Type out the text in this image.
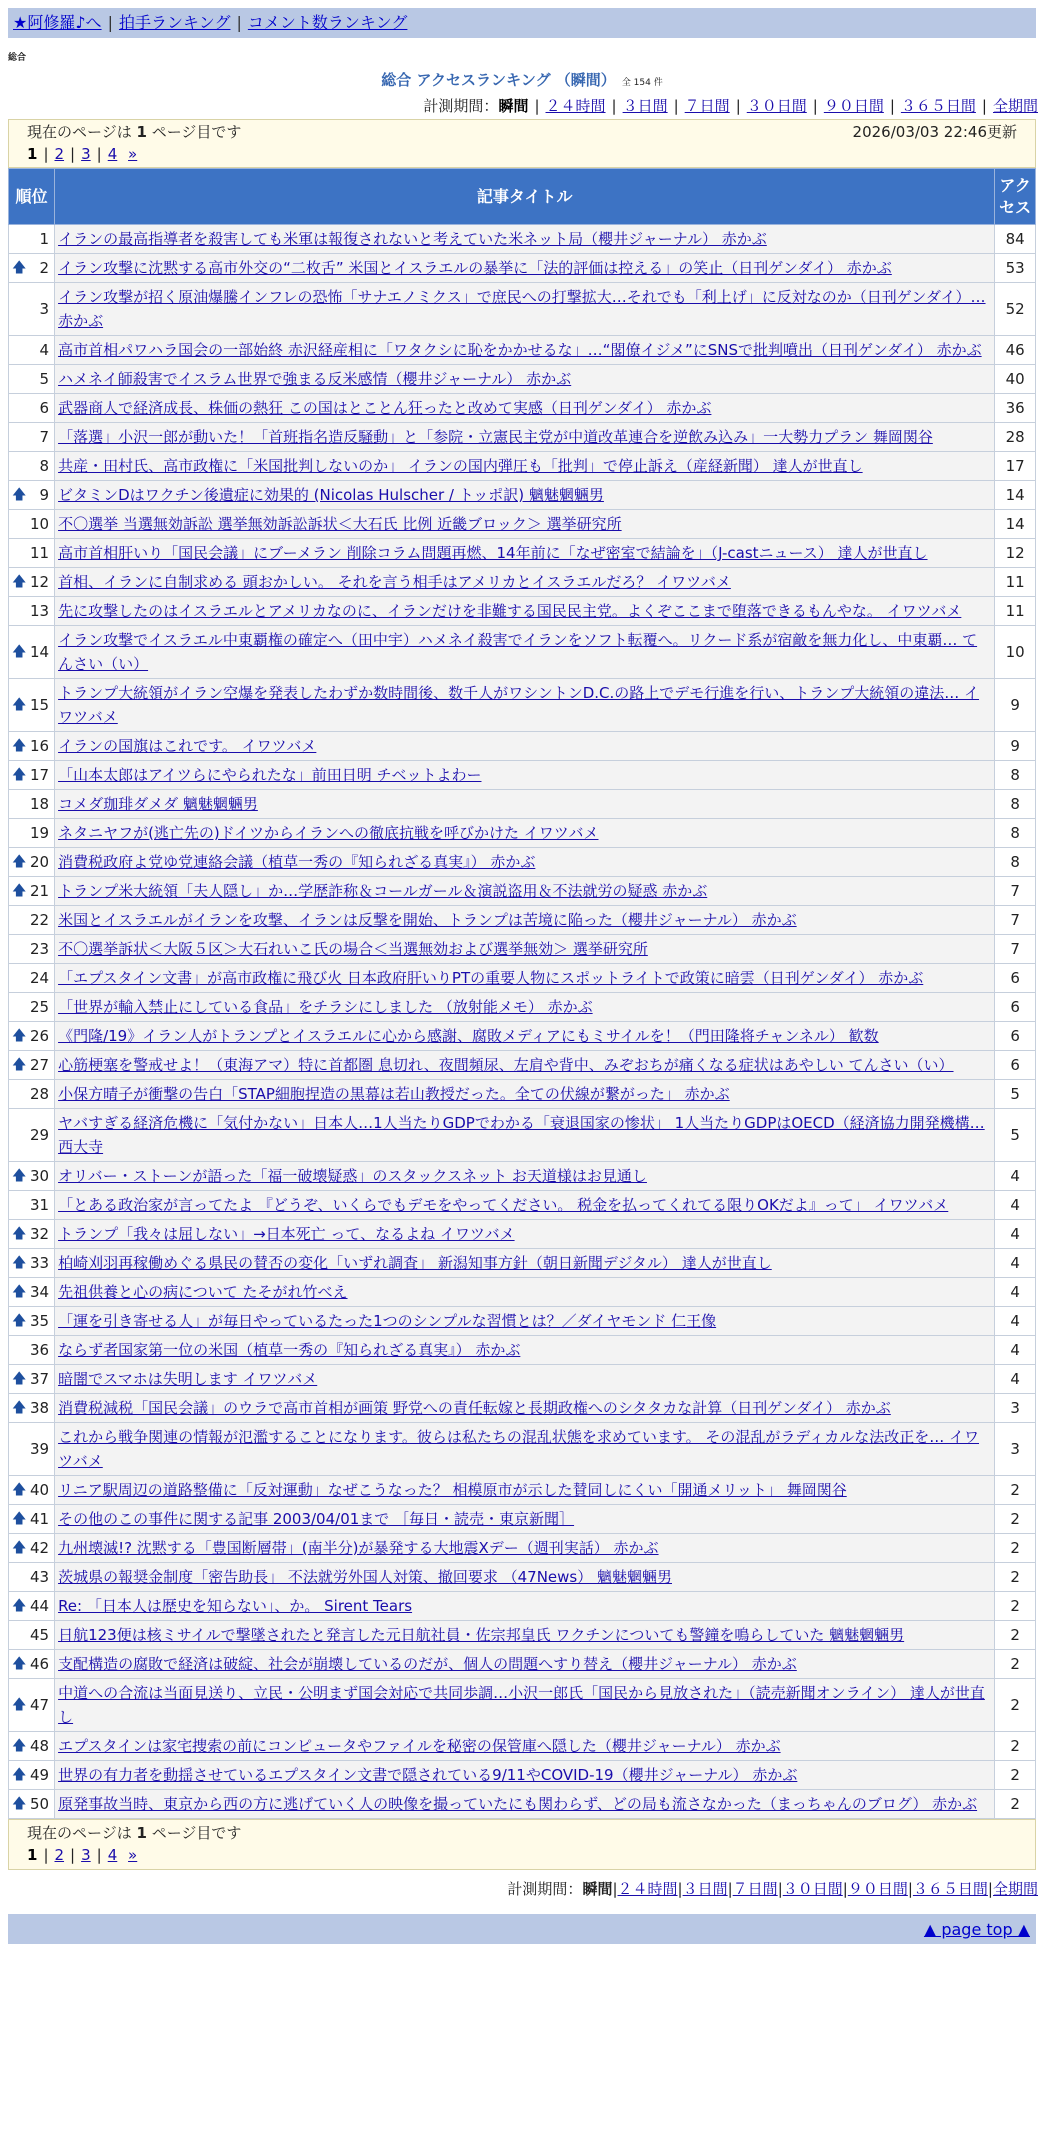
★阿修羅♪へ | 拍手ランキング | コメント数ランキング
総合
総合 アクセスランキング （瞬間） 全 154 件
計測期間：瞬間 | ２４時間 | ３日間 | ７日間 | ３０日間 | ９０日間 | ３６５日間 | 全期間
現在のページは 1 ページ目です	2026/03/03 22:46更新
1 | 2 | 3 | 4 »
順位	記事タイトル	アクセス
1	イランの最高指導者を殺害しても米軍は報復されないと考えていた米ネット局（櫻井ジャーナル） 赤かぶ	84

🡅 2	イラン攻撃に沈黙する高市外交の“二枚舌” 米国とイスラエルの暴挙に「法的評価は控える」の笑止（日刊ゲンダイ） 赤かぶ	53
3	イラン攻撃が招く原油爆騰インフレの恐怖「サナエノミクス」で庶民への打撃拡大…それでも「利上げ」に反対なのか（日刊ゲンダイ）… 赤かぶ	52
4	高市首相パワハラ国会の一部始終 赤沢経産相に「ワタクシに恥をかかせるな」…“閣僚イジメ”にSNSで批判噴出（日刊ゲンダイ） 赤かぶ	46
5	ハメネイ師殺害でイスラム世界で強まる反米感情（櫻井ジャーナル） 赤かぶ	40
6	武器商人で経済成長、株価の熱狂 この国はとことん狂ったと改めて実感（日刊ゲンダイ） 赤かぶ	36
7	「落選」小沢一郎が動いた！「首班指名造反騒動」と「参院・立憲民主党が中道改革連合を逆飲み込み」一大勢力プラン 舞岡関谷	28
8	共産・田村氏、高市政権に「米国批判しないのか」 イランの国内弾圧も「批判」で停止訴え（産経新聞） 達人が世直し	17

🡅 9	ビタミンDはワクチン後遺症に効果的 (Nicolas Hulscher / トッポ訳) 魑魅魍魎男	14
10	不〇選挙 当選無効訴訟 選挙無効訴訟訴状＜大石氏 比例 近畿ブロック＞ 選挙研究所	14
11	高市首相肝いり「国民会議」にブーメラン 削除コラム問題再燃、14年前に「なぜ密室で結論を」（J-castニュース） 達人が世直し	12

🡅 12	首相、イランに自制求める 頭おかしい。 それを言う相手はアメリカとイスラエルだろ？ イワツバメ	11
13	先に攻撃したのはイスラエルとアメリカなのに、イランだけを非難する国民民主党。よくぞここまで堕落できるもんやな。 イワツバメ	11

🡅 14	イラン攻撃でイスラエル中東覇権の確定へ（田中宇）ハメネイ殺害でイランをソフト転覆へ。リクード系が宿敵を無力化し、中東覇… てんさい（い）	10

🡅 15	トランプ大統領がイラン空爆を発表したわずか数時間後、数千人がワシントンD.C.の路上でデモ行進を行い、トランプ大統領の違法… イワツバメ	9

🡅 16	イランの国旗はこれです。 イワツバメ	9

🡅 17	「山本太郎はアイツらにやられたな」前田日明 チベットよわー	8
18	コメダ珈琲ダメダ 魑魅魍魎男	8
19	ネタニヤフが(逃亡先の)ドイツからイランへの徹底抗戦を呼びかけた イワツバメ	8

🡅 20	消費税政府よ党ゆ党連絡会議（植草一秀の『知られざる真実』） 赤かぶ	8

🡅 21	トランプ米大統領「夫人隠し」か…学歴詐称＆コールガール＆演説盗用＆不法就労の疑惑 赤かぶ	7
22	米国とイスラエルがイランを攻撃、イランは反撃を開始、トランプは苦境に陥った（櫻井ジャーナル） 赤かぶ	7
23	不〇選挙訴状＜大阪５区＞大石れいこ氏の場合＜当選無効および選挙無効＞ 選挙研究所	7
24	「エプスタイン文書」が高市政権に飛び火 日本政府肝いりPTの重要人物にスポットライトで政策に暗雲（日刊ゲンダイ） 赤かぶ	6
25	「世界が輸入禁止にしている食品」をチラシにしました （放射能メモ） 赤かぶ	6

🡅 26	《門隆/19》イラン人がトランプとイスラエルに心から感謝、腐敗メディアにもミサイルを！（門田隆将チャンネル） 歓数	6

🡅 27	心筋梗塞を警戒せよ！（東海アマ）特に首都圏 息切れ、夜間頻尿、左肩や背中、みぞおちが痛くなる症状はあやしい てんさい（い）	6
28	小保方晴子が衝撃の告白「STAP細胞捏造の黒幕は若山教授だった。全ての伏線が繋がった」 赤かぶ	5
29	ヤバすぎる経済危機に「気付かない」日本人…1人当たりGDPでわかる「衰退国家の惨状」 1人当たりGDPはOECD（経済協力開発機構… 西大寺	5

🡅 30	オリバー・ストーンが語った「福一破壊疑惑」のスタックスネット お天道様はお見通し	4
31	「とある政治家が言ってたよ 『どうぞ、いくらでもデモをやってください。 税金を払ってくれてる限りOKだよ』って」 イワツバメ	4

🡅 32	トランプ「我々は屈しない」→日本死亡 って、なるよね イワツバメ	4

🡅 33	柏崎刈羽再稼働めぐる県民の賛否の変化「いずれ調査」 新潟知事方針（朝日新聞デジタル） 達人が世直し	4

🡅 34	先祖供養と心の病について たそがれ竹べえ	4

🡅 35	「運を引き寄せる人」が毎日やっているたった1つのシンプルな習慣とは？／ダイヤモンド 仁王像	4
36	ならず者国家第一位の米国（植草一秀の『知られざる真実』） 赤かぶ	4

🡅 37	暗闇でスマホは失明します イワツバメ	4

🡅 38	消費税減税「国民会議」のウラで高市首相が画策 野党への責任転嫁と長期政権へのシタタカな計算（日刊ゲンダイ） 赤かぶ	3
39	これから戦争関連の情報が氾濫することになります。彼らは私たちの混乱状態を求めています。 その混乱がラディカルな法改正を… イワツバメ	3

🡅 40	リニア駅周辺の道路整備に「反対運動」なぜこうなった？ 相模原市が示した賛同しにくい「開通メリット」 舞岡関谷	2

🡅 41	その他のこの事件に関する記事 2003/04/01まで ［毎日・読売・東京新聞］	2

🡅 42	九州壊滅!? 沈黙する「豊国断層帯」(南半分)が暴発する大地震Xデー（週刊実話） 赤かぶ	2
43	茨城県の報奨金制度「密告助長」 不法就労外国人対策、撤回要求 （47News） 魑魅魍魎男	2

🡅 44	Re: 「日本人は歴史を知らない」、か。 Sirent Tears	2
45	日航123便は核ミサイルで撃墜されたと発言した元日航社員・佐宗邦皇氏 ワクチンについても警鐘を鳴らしていた 魑魅魍魎男	2

🡅 46	支配構造の腐敗で経済は破綻、社会が崩壊しているのだが、個人の問題へすり替え（櫻井ジャーナル） 赤かぶ	2

🡅 47	中道への合流は当面見送り、立民・公明まず国会対応で共同歩調…小沢一郎氏「国民から見放された」（読売新聞オンライン） 達人が世直し	2

🡅 48	エプスタインは家宅捜索の前にコンピュータやファイルを秘密の保管庫へ隠した（櫻井ジャーナル） 赤かぶ	2

🡅 49	世界の有力者を動揺させているエプスタイン文書で隠されている9/11やCOVID-19（櫻井ジャーナル） 赤かぶ	2

🡅 50	原発事故当時、東京から西の方に逃げていく人の映像を撮っていたにも関わらず、どの局も流さなかった（まっちゃんのブログ） 赤かぶ	2
現在のページは 1 ページ目です
1 | 2 | 3 | 4 »
計測期間：瞬間|２４時間|３日間|７日間|３０日間|９０日間|３６５日間|全期間
▲ page top ▲
